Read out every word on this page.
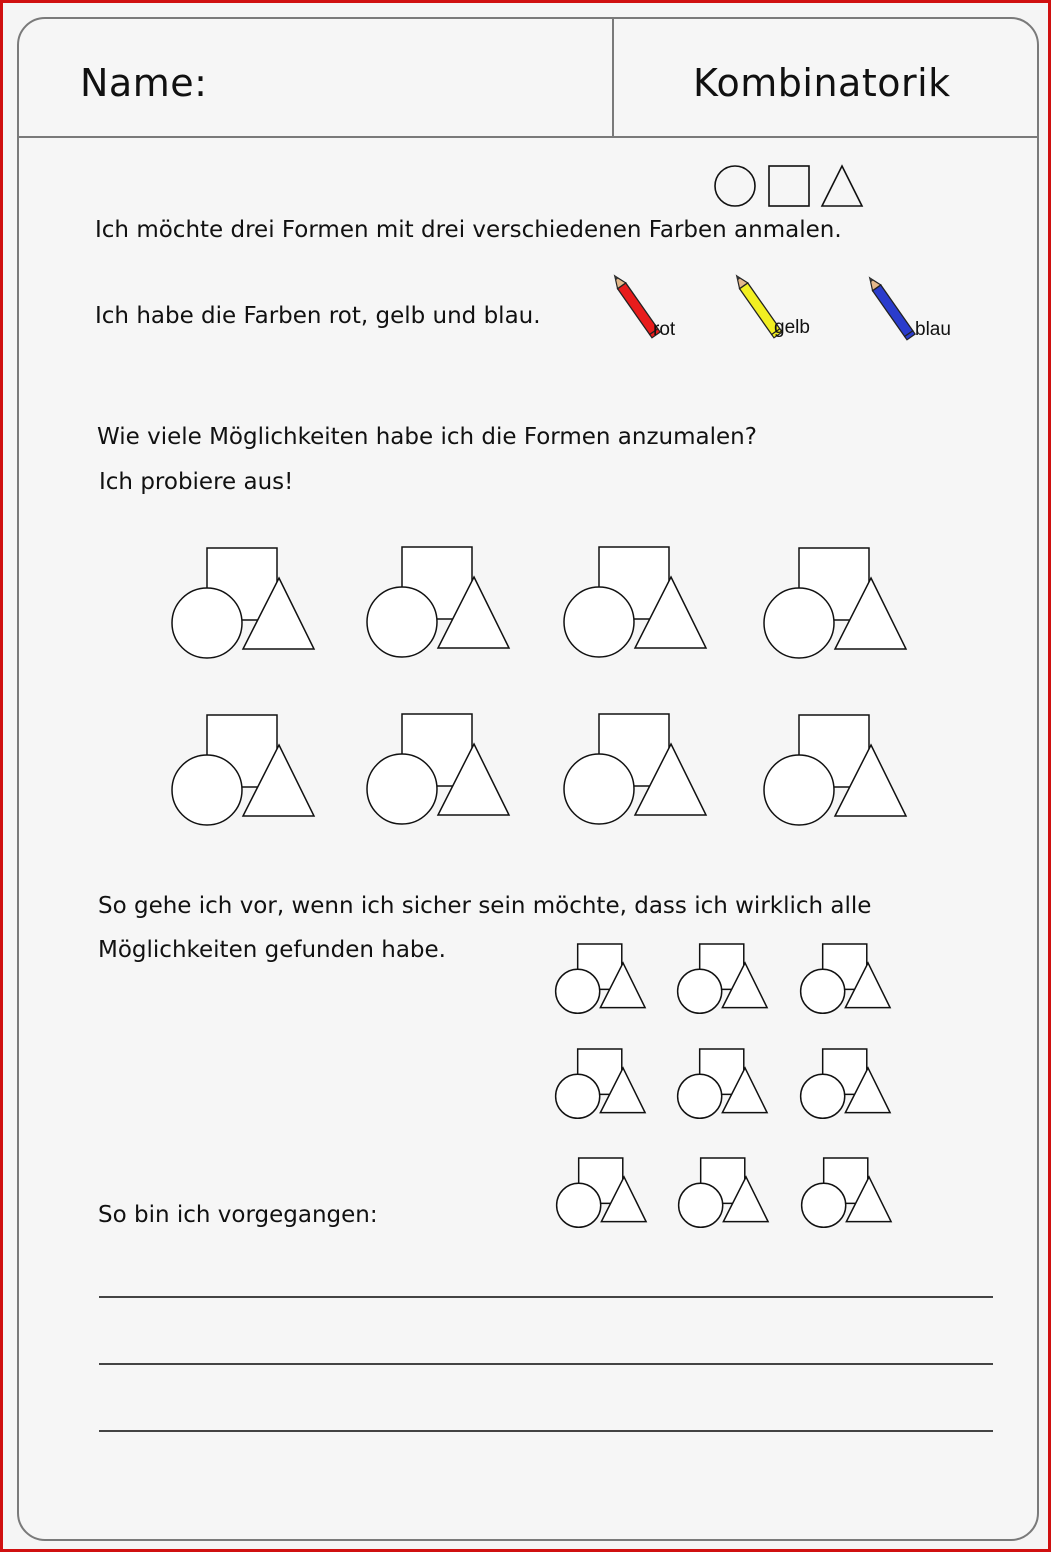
Name:	Kombinatorik
Ich möchte drei Formen mit drei verschiedenen Farben anmalen.
Ich habe die Farben rot, gelb und blau.
rot	gelb	blau
Wie viele Möglichkeiten habe ich die Formen anzumalen?
Ich probiere aus!
So gehe ich vor, wenn ich sicher sein möchte, dass ich wirklich alle
Möglichkeiten gefunden habe.
So bin ich vorgegangen:
